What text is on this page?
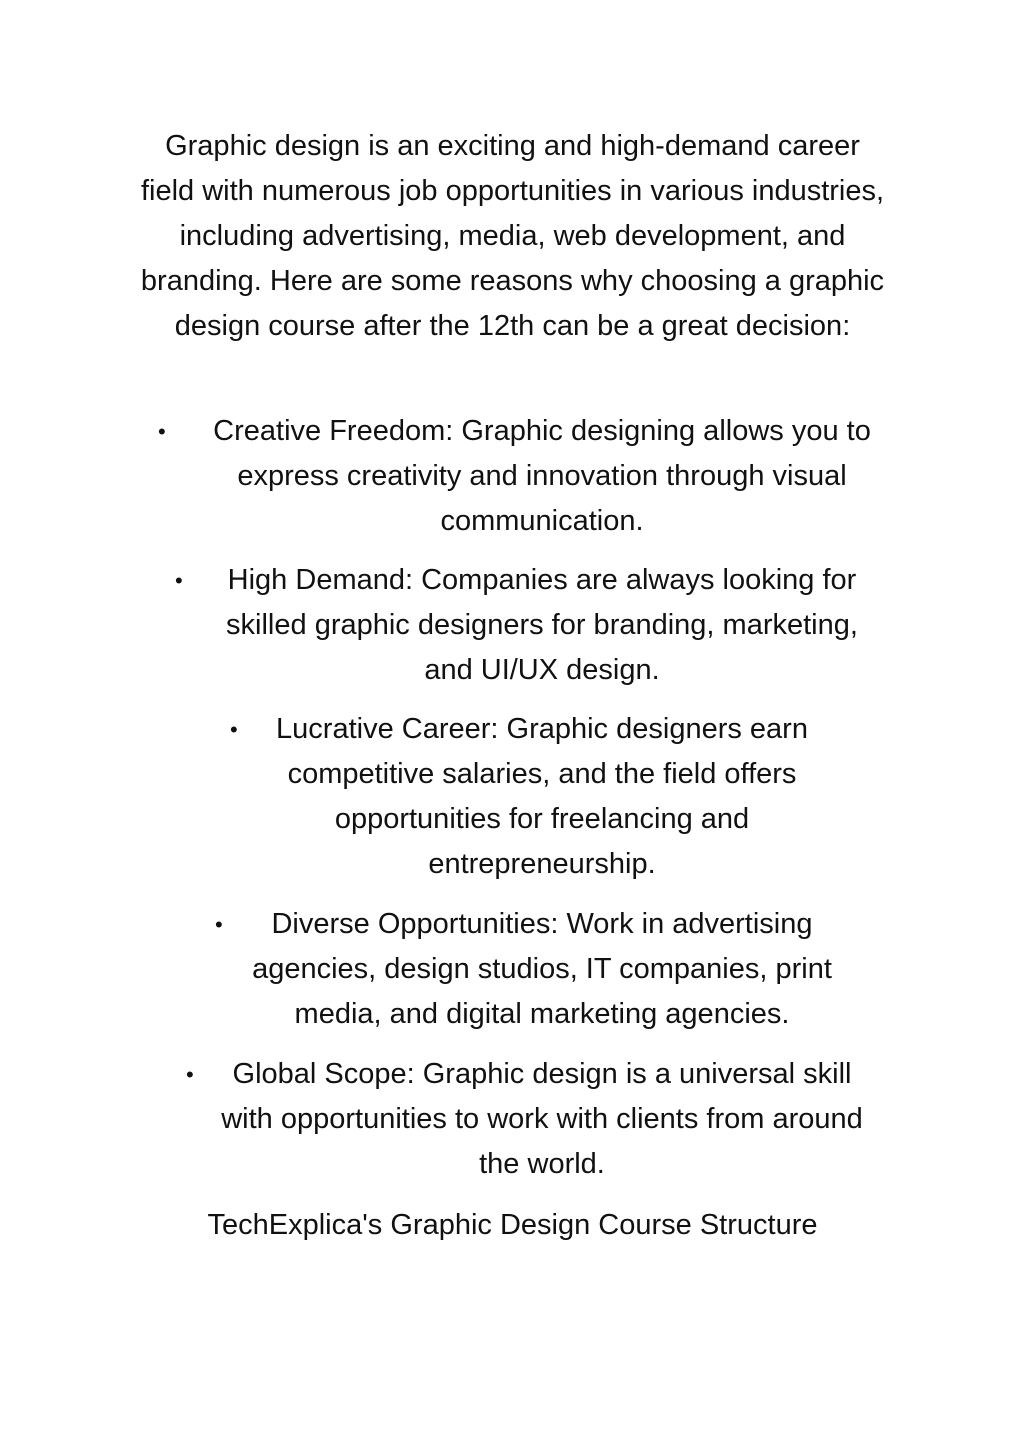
Graphic design is an exciting and high-demand career field with numerous job opportunities in various industries, including advertising, media, web development, and branding. Here are some reasons why choosing a graphic design course after the 12th can be a great decision:

•	Creative Freedom: Graphic designing allows you to express creativity and innovation through visual communication.

•	High Demand: Companies are always looking for skilled graphic designers for branding, marketing, and UI/UX design.

•	Lucrative Career: Graphic designers earn competitive salaries, and the field offers opportunities for freelancing and entrepreneurship.

•	Diverse Opportunities: Work in advertising agencies, design studios, IT companies, print media, and digital marketing agencies.

•	Global Scope: Graphic design is a universal skill with opportunities to work with clients from around the world.

TechExplica's Graphic Design Course Structure
